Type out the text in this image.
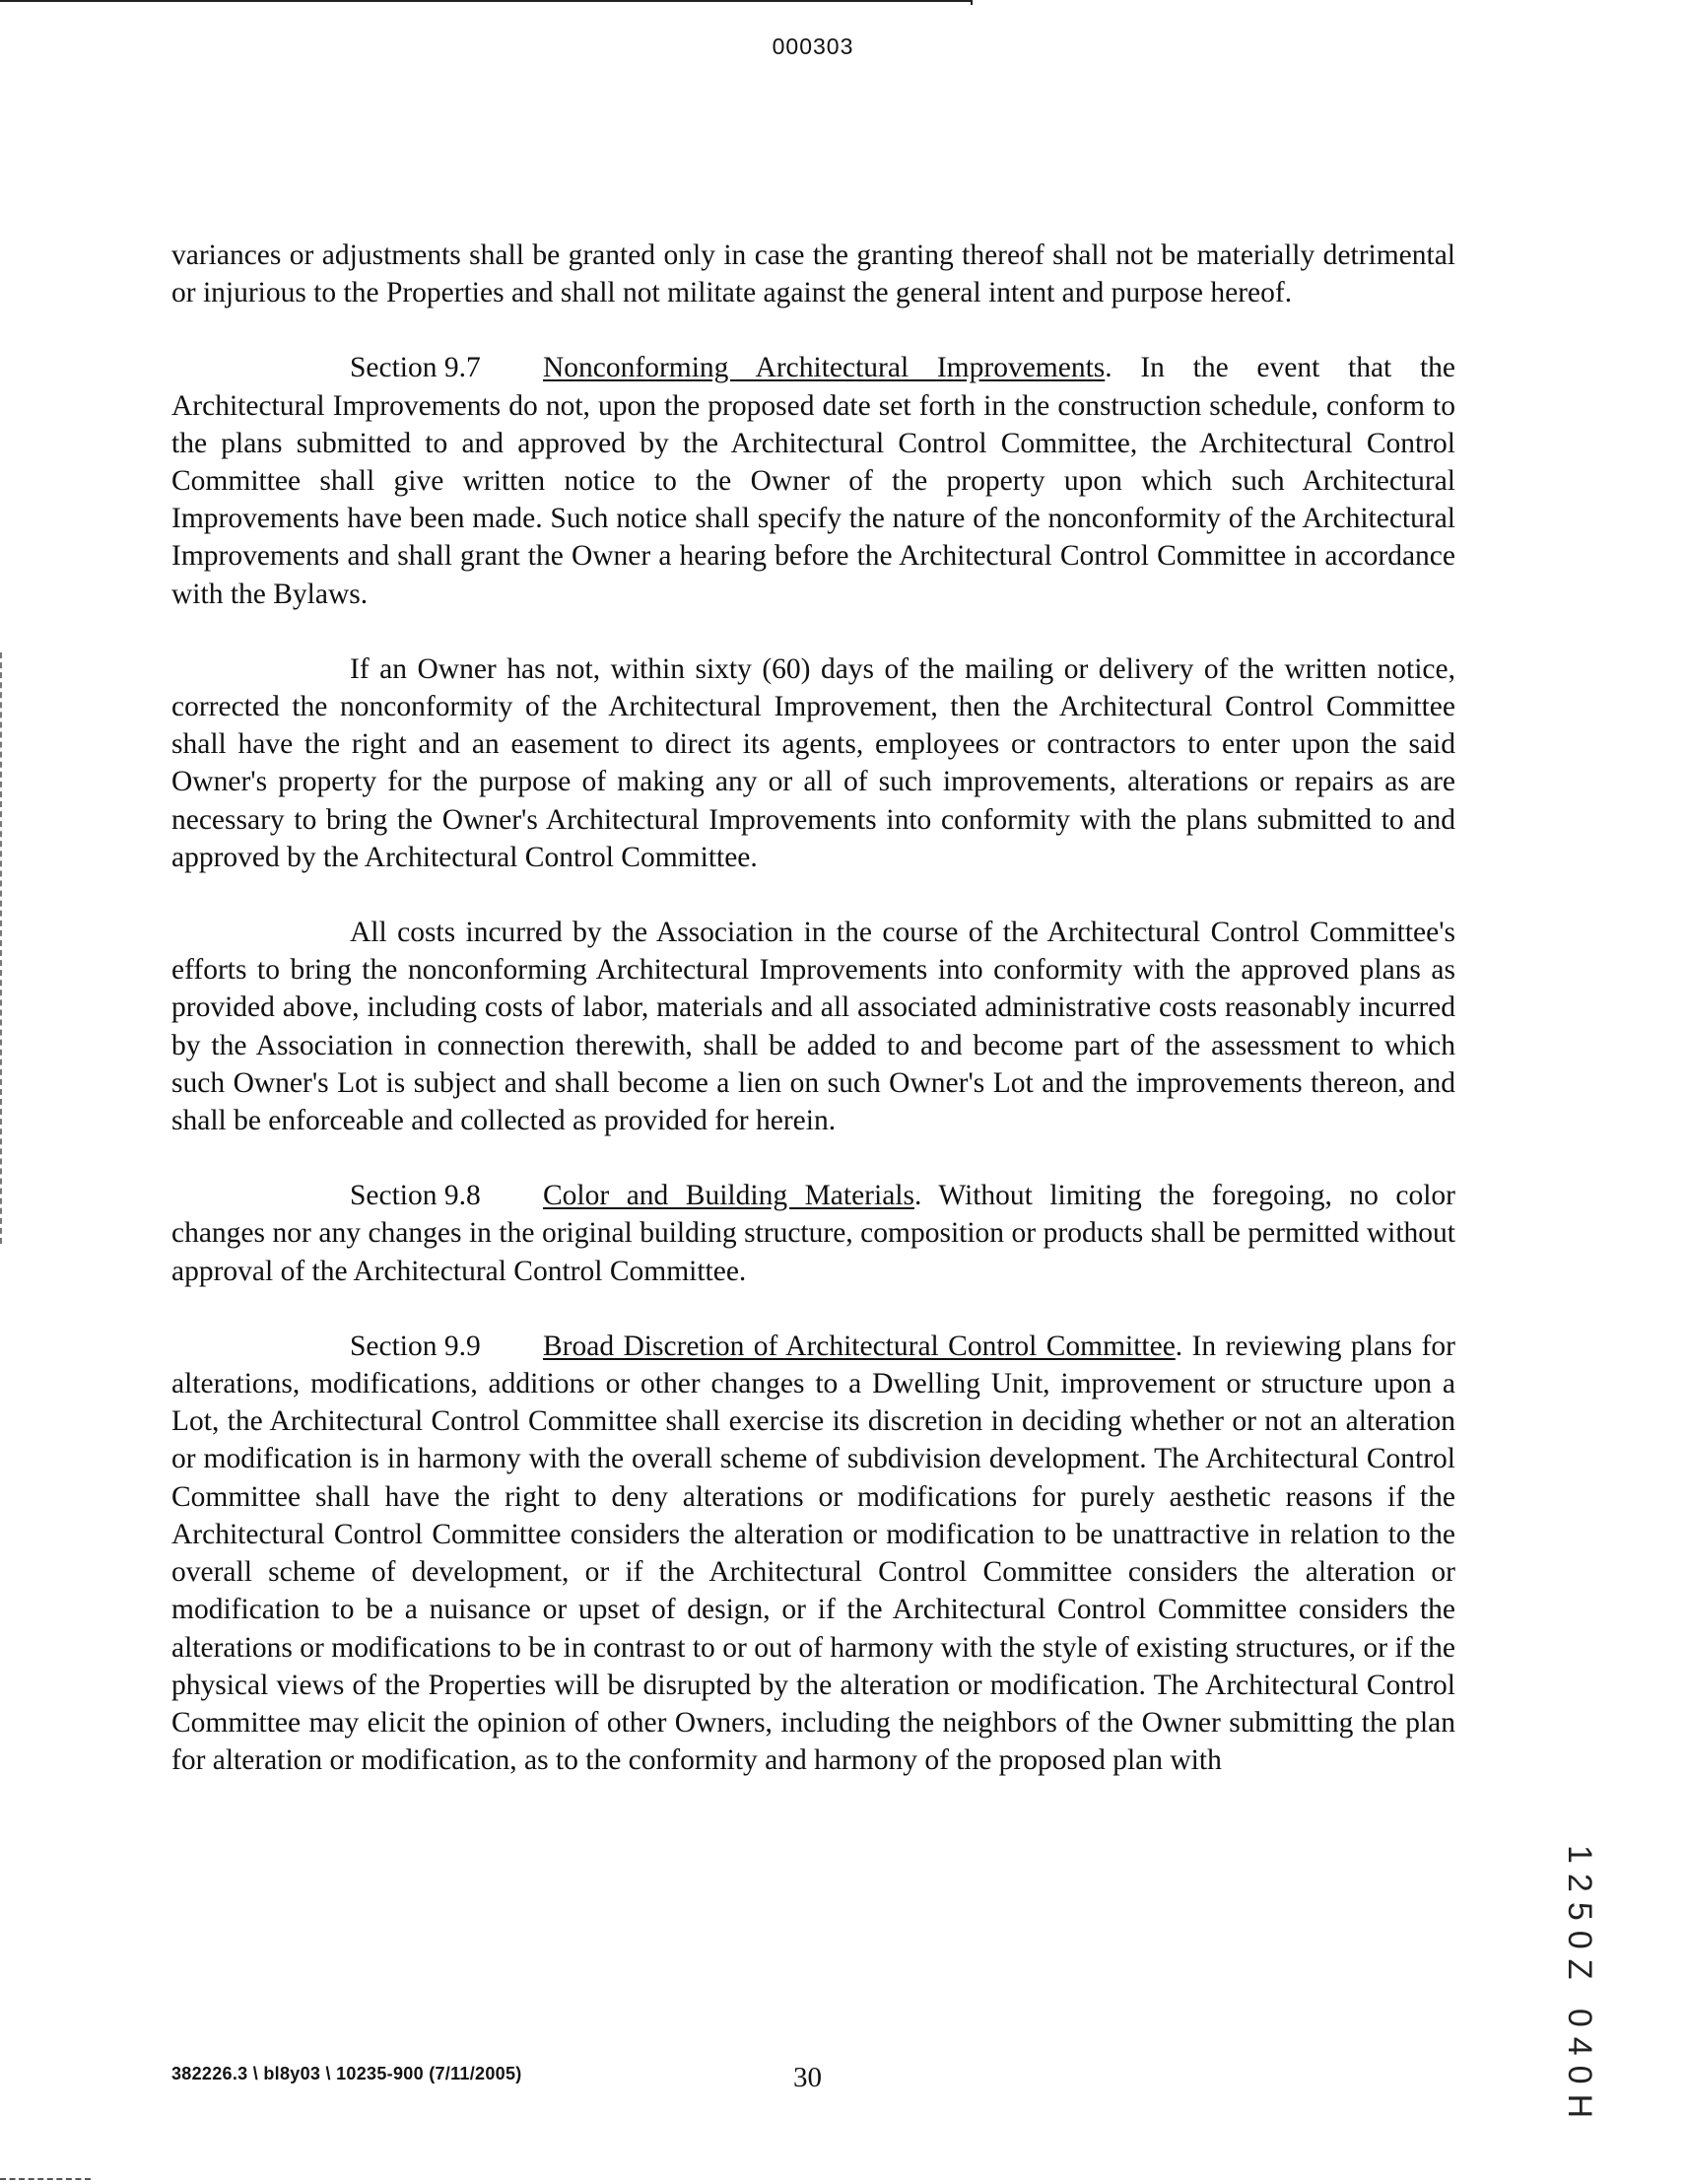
000303

variances or adjustments shall be granted only in case the granting thereof shall not be materially detrimental or injurious to the Properties and shall not militate against the general intent and purpose hereof.

Section 9.7 Nonconforming Architectural Improvements. In the event that the Architectural Improvements do not, upon the proposed date set forth in the construction schedule, conform to the plans submitted to and approved by the Architectural Control Committee, the Architectural Control Committee shall give written notice to the Owner of the property upon which such Architectural Improvements have been made. Such notice shall specify the nature of the nonconformity of the Architectural Improvements and shall grant the Owner a hearing before the Architectural Control Committee in accordance with the Bylaws.

If an Owner has not, within sixty (60) days of the mailing or delivery of the written notice, corrected the nonconformity of the Architectural Improvement, then the Architectural Control Committee shall have the right and an easement to direct its agents, employees or contractors to enter upon the said Owner's property for the purpose of making any or all of such improvements, alterations or repairs as are necessary to bring the Owner's Architectural Improvements into conformity with the plans submitted to and approved by the Architectural Control Committee.

All costs incurred by the Association in the course of the Architectural Control Committee's efforts to bring the nonconforming Architectural Improvements into conformity with the approved plans as provided above, including costs of labor, materials and all associated administrative costs reasonably incurred by the Association in connection therewith, shall be added to and become part of the assessment to which such Owner's Lot is subject and shall become a lien on such Owner's Lot and the improvements thereon, and shall be enforceable and collected as provided for herein.

Section 9.8 Color and Building Materials. Without limiting the foregoing, no color changes nor any changes in the original building structure, composition or products shall be permitted without approval of the Architectural Control Committee.

Section 9.9 Broad Discretion of Architectural Control Committee. In reviewing plans for alterations, modifications, additions or other changes to a Dwelling Unit, improvement or structure upon a Lot, the Architectural Control Committee shall exercise its discretion in deciding whether or not an alteration or modification is in harmony with the overall scheme of subdivision development. The Architectural Control Committee shall have the right to deny alterations or modifications for purely aesthetic reasons if the Architectural Control Committee considers the alteration or modification to be unattractive in relation to the overall scheme of development, or if the Architectural Control Committee considers the alteration or modification to be a nuisance or upset of design, or if the Architectural Control Committee considers the alterations or modifications to be in contrast to or out of harmony with the style of existing structures, or if the physical views of the Properties will be disrupted by the alteration or modification. The Architectural Control Committee may elicit the opinion of other Owners, including the neighbors of the Owner submitting the plan for alteration or modification, as to the conformity and harmony of the proposed plan with

1250Z 040H
382226.3 \ bl8y03 \ 10235-900 (7/11/2005)	30
